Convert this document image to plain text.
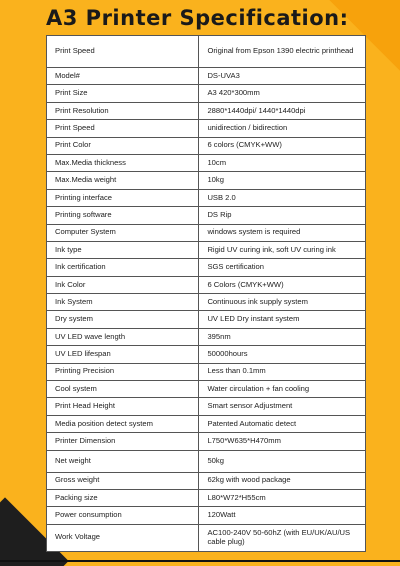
A3 Printer Specification:
Print Speed	Original from Epson 1390 electric printhead
Model#	DS-UVA3
Print Size	A3 420*300mm
Print Resolution	2880*1440dpi/ 1440*1440dpi
Print Speed	unidirection / bidirection
Print Color	6 colors (CMYK+WW)
Max.Media thickness	10cm
Max.Media weight	10kg
Printing interface	USB 2.0
Printing software	DS Rip
Computer System	windows system is required
Ink type	Rigid UV curing ink, soft UV curing ink
Ink certification	SGS certification
Ink Color	6 Colors (CMYK+WW)
Ink System	Continuous ink supply system
Dry system	UV LED Dry instant system
UV LED wave length	395nm
UV LED lifespan	50000hours
Printing Precision	Less than 0.1mm
Cool system	Water circulation + fan cooling
Print Head Height	Smart sensor Adjustment
Media position detect system	Patented Automatic detect
Printer Dimension	L750*W635*H470mm
Net weight	50kg
Gross weight	62kg with wood package
Packing size	L80*W72*H55cm
Power consumption	120Watt
Work Voltage	AC100-240V 50-60hZ (with EU/UK/AU/US cable plug)
